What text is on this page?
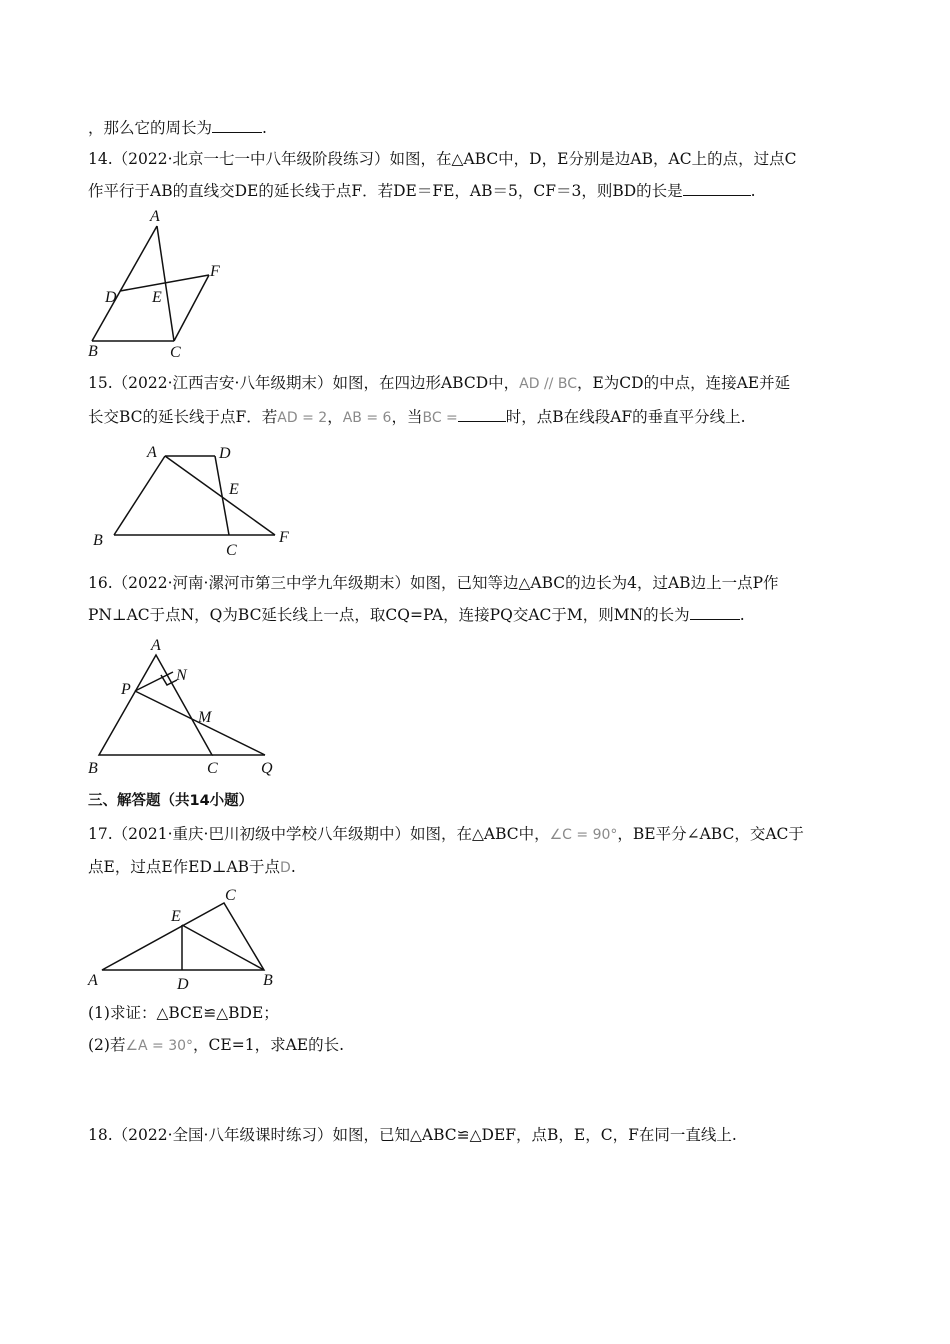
，那么它的周长为	.
14.（2022·北京一七一中八年级阶段练习）如图，在△ABC中，D，E分别是边AB，AC上的点，过点C
作平行于AB的直线交DE的延长线于点F．若DE＝FE，AB＝5，CF＝3，则BD的长是	.
A
B	C
D E
F
15.（2022·江西吉安·八年级期末）如图，在四边形ABCD中，AD // BC，E为CD的中点，连接AE并延
长交BC的延长线于点F．若AD = 2，AB = 6，当BC =	时，点B在线段AF的垂直平分线上.
A	D
E
B
C
F
16.（2022·河南·漯河市第三中学九年级期末）如图，已知等边△ABC的边长为4，过AB边上一点P作
PN⊥AC于点N，Q为BC延长线上一点，取CQ=PA，连接PQ交AC于M，则MN的长为	.
A
N
P
M
B	C	Q
三、解答题（共14小题）
17.（2021·重庆·巴川初级中学校八年级期中）如图，在△ABC中，∠C = 90°，BE平分∠ABC，交AC于
点E，过点E作ED⊥AB于点D.
C
E
A	D	B
(1)求证：△BCE≌△BDE；
(2)若∠A = 30°，CE=1，求AE的长.
18.（2022·全国·八年级课时练习）如图，已知△ABC≌△DEF，点B，E，C，F在同一直线上.
